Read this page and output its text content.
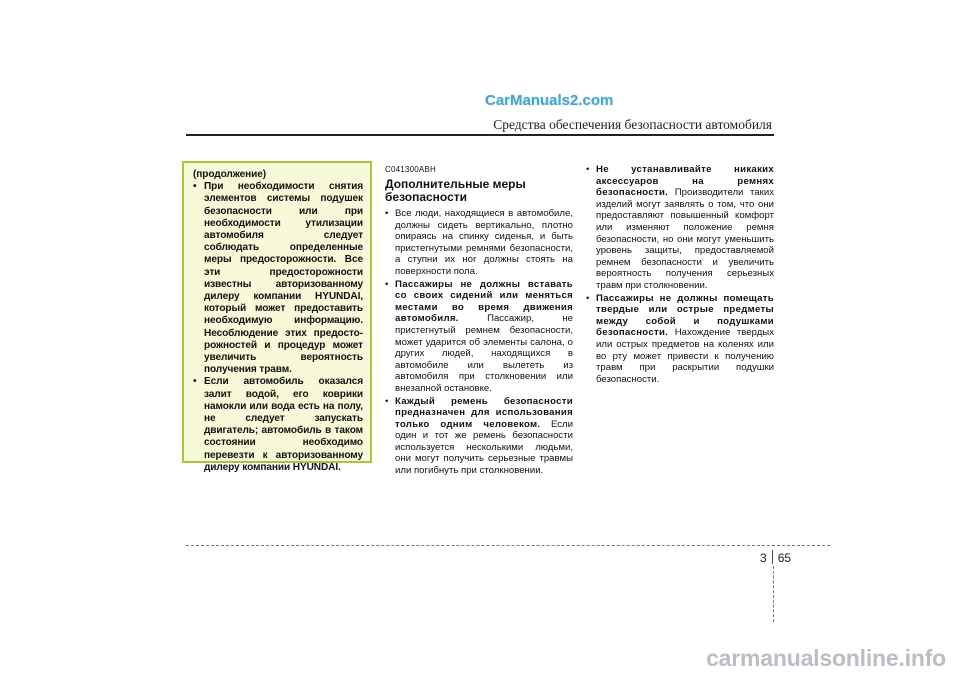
CarManuals2.com
Средства обеспечения безопасности автомобиля

(продолжение)

• При необходимости снятия элементов системы подушек безопасности или при необходимости утилизации автомобиля следует соблюдать определенные меры предосторожности. Все эти предосторожности известны авторизованному дилеру компании HYUNDAI, который может предоставить необходимую информацию. Несоблюдение этих предосто-рожностей и процедур может увеличить вероятность получения травм.
• Если автомобиль оказался залит водой, его коврики намокли или вода есть на полу, не следует запускать двигатель; автомобиль в таком состоянии необходимо перевезти к авторизованному дилеру компании HYUNDAI.

C041300ABH

Дополнительные меры безопасности

• Все люди, находящиеся в автомобиле, должны сидеть вертикально, плотно опираясь на спинку сиденья, и быть пристегнутыми ремнями безопасности, а ступни их ног должны стоять на поверхности пола.
• Пассажиры не должны вставать со своих сидений или меняться местами во время движения автомобиля. Пассажир, не пристегнутый ремнем безопасности, может ударится об элементы салона, о других людей, находящихся в автомобиле или вылететь из автомобиля при столкновении или внезапной остановке.
• Каждый ремень безопасности предназначен для использования только одним человеком. Если один и тот же ремень безопасности используется несколькими людьми, они могут получить серьезные травмы или погибнуть при столкновении.
• Не устанавливайте никаких аксессуаров на ремнях безопасности. Производители таких изделий могут заявлять о том, что они предоставляют повышенный комфорт или изменяют положение ремня безопасности, но они могут уменьшить уровень защиты, предоставляемой ремнем безопасности и увеличить вероятность получения серьезных травм при столкновении.
• Пассажиры не должны помещать твердые или острые предметы между собой и подушками безопасности. Нахождение твердых или острых предметов на коленях или во рту может привести к получению травм при раскрытии подушки безопасности.
3 65
carmanualsonline.info
